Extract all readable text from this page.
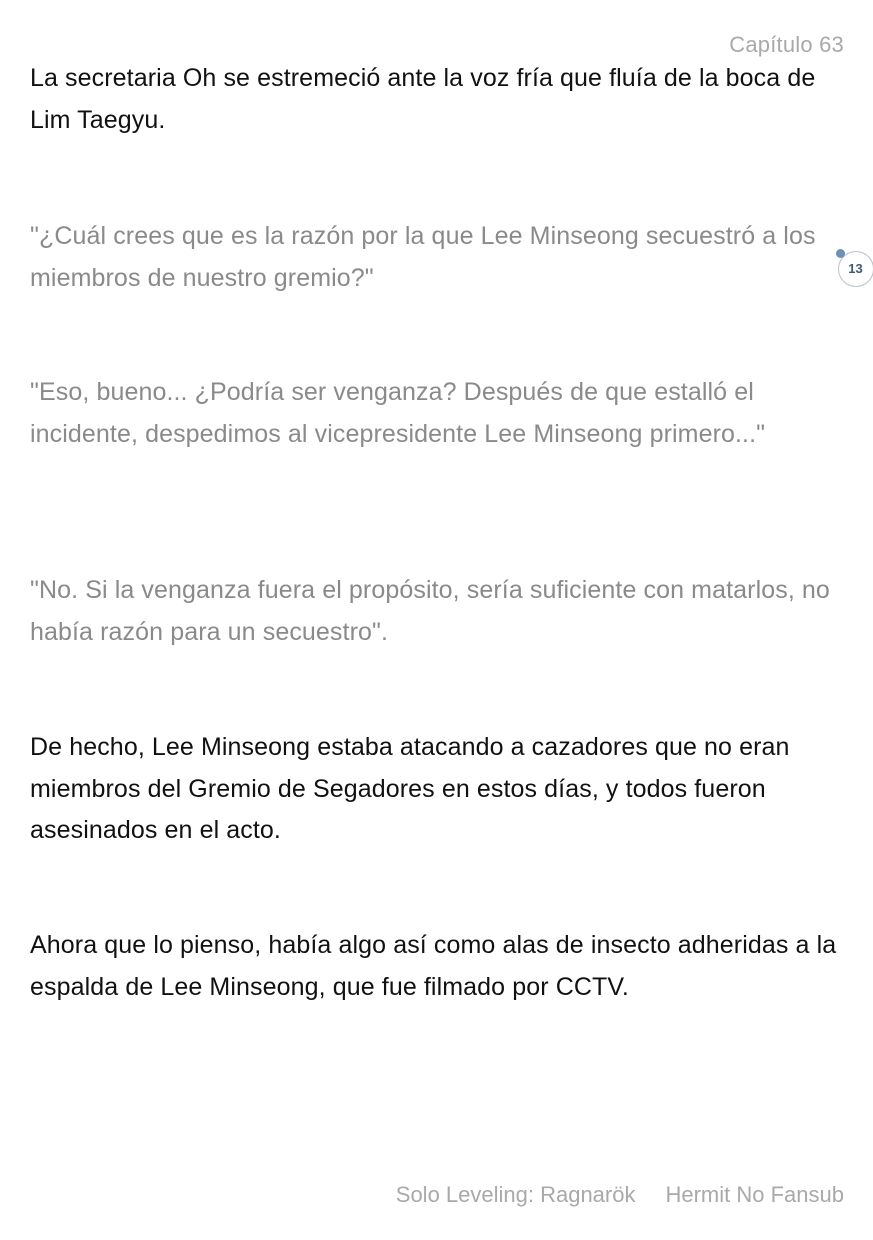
Capítulo 63

La secretaria Oh se estremeció ante la voz fría que fluía de la boca de Lim Taegyu.

"¿Cuál crees que es la razón por la que Lee Minseong secuestró a los miembros de nuestro gremio?"

"Eso, bueno... ¿Podría ser venganza? Después de que estalló el incidente, despedimos al vicepresidente Lee Minseong primero..."

"No. Si la venganza fuera el propósito, sería suficiente con matarlos, no había razón para un secuestro".

De hecho, Lee Minseong estaba atacando a cazadores que no eran miembros del Gremio de Segadores en estos días, y todos fueron asesinados en el acto.

Ahora que lo pienso, había algo así como alas de insecto adheridas a la espalda de Lee Minseong, que fue filmado por CCTV.

13
Solo Leveling: Ragnarök Hermit No Fansub
